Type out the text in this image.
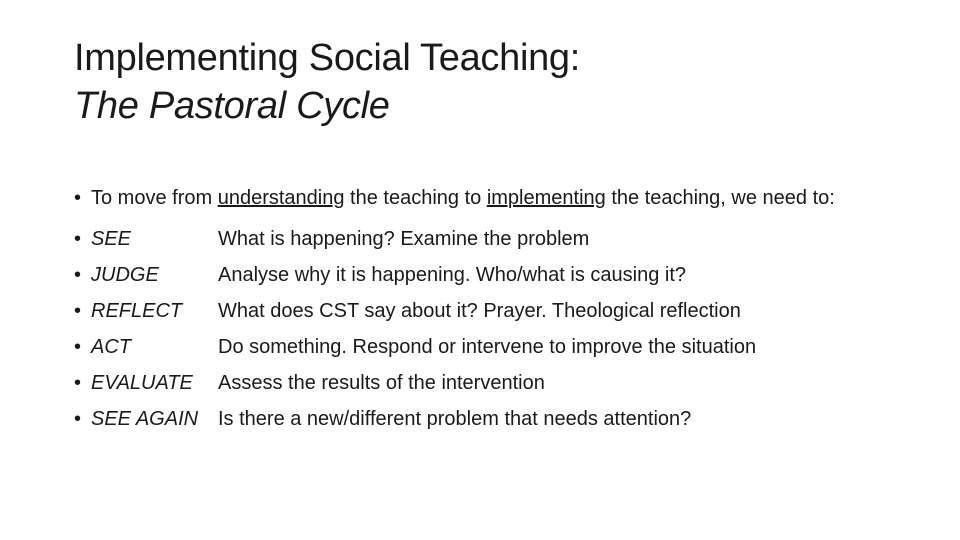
Implementing Social Teaching:
The Pastoral Cycle
• To move from understanding the teaching to implementing the teaching, we need to:
• SEE	What is happening? Examine the problem
• JUDGE	Analyse why it is happening. Who/what is causing it?
• REFLECT What does CST say about it? Prayer. Theological reflection
• ACT	Do something. Respond or intervene to improve the situation
• EVALUATE Assess the results of the intervention
• SEE AGAIN Is there a new/different problem that needs attention?
